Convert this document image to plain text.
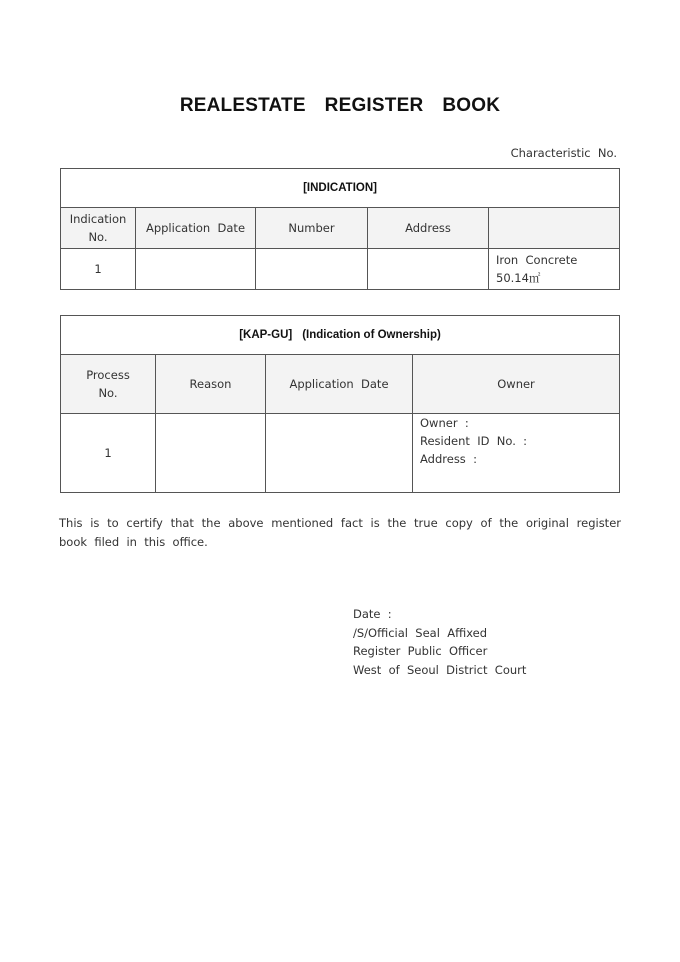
REALESTATE  REGISTER  BOOK
Characteristic  No.
[INDICATION]				
Indication
No.	Application  Date	Number	Address	
1				Iron  Concrete
50.14㎡
[KAP-GU] (Indication of Ownership)			
Process
No.	Reason	Application  Date	Owner
1			Owner  :
Resident  ID  No.  :
Address  :
This  is  to  certify  that  the  above  mentioned  fact  is  the  true  copy  of  the  original  register  book  filed  in  this  office.
Date  :
/S/Official  Seal  Affixed
Register  Public  Officer
West  of  Seoul  District  Court
